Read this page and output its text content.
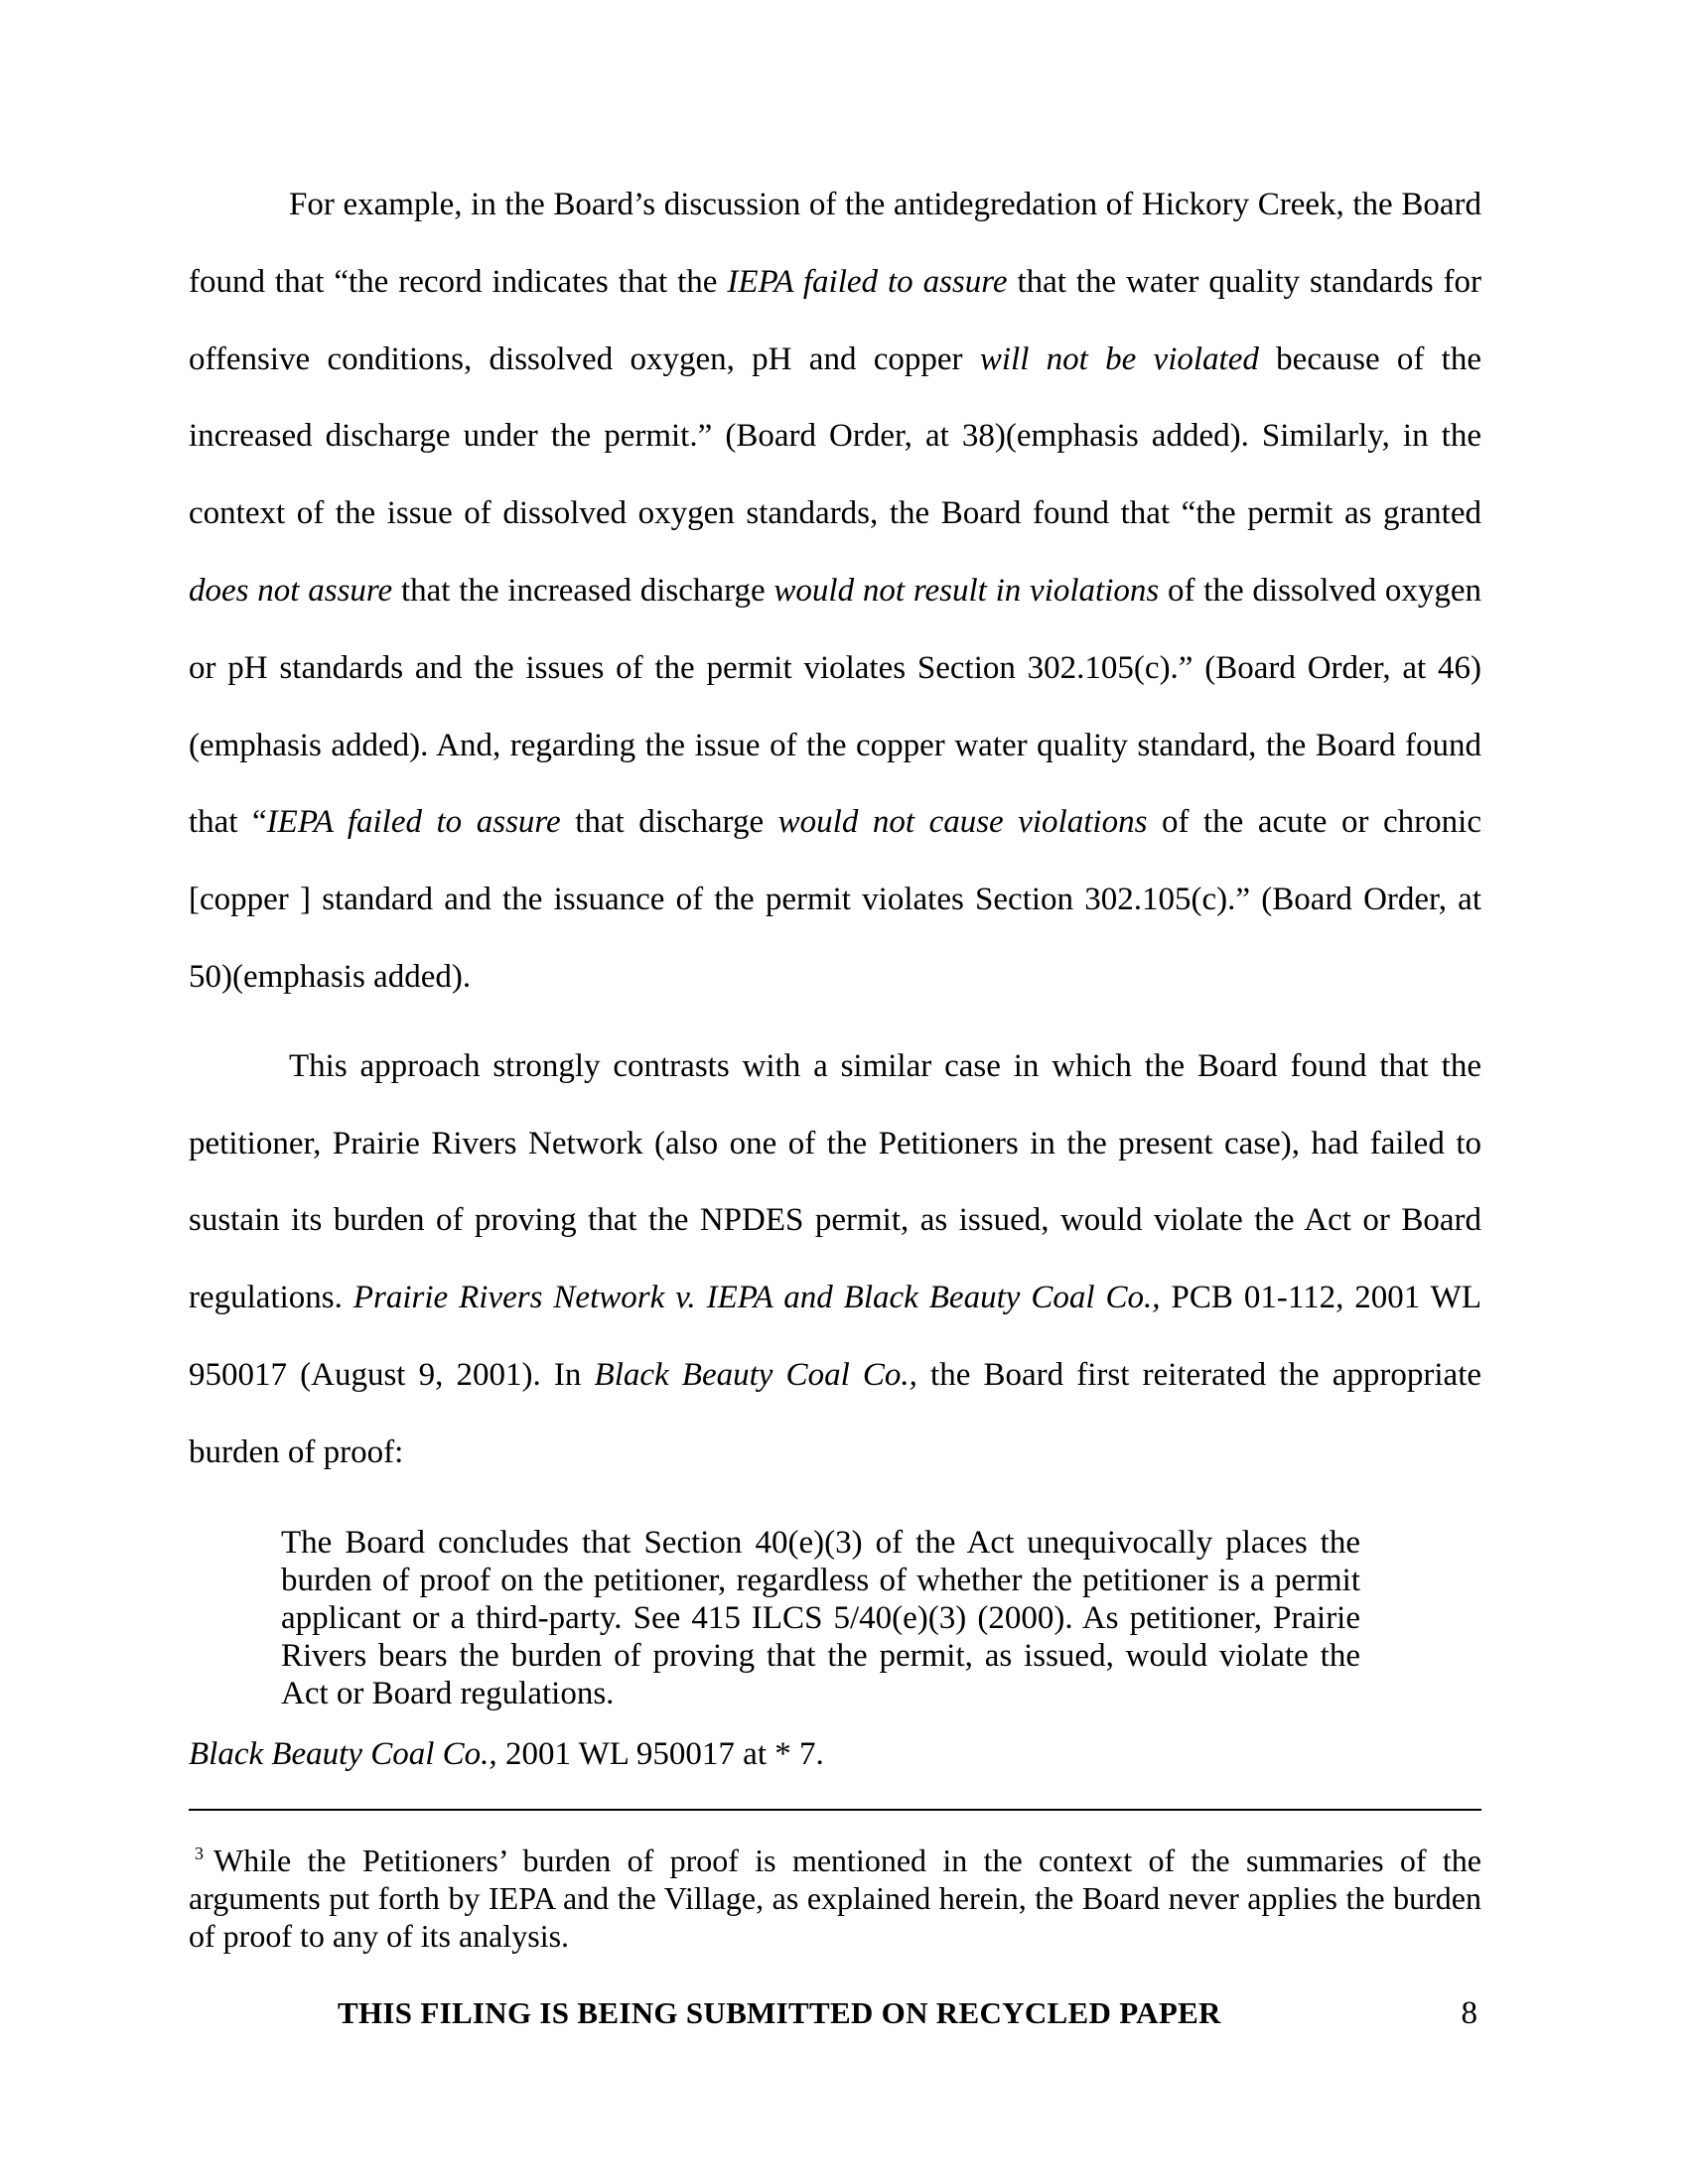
For example, in the Board’s discussion of the antidegredation of Hickory Creek, the Board found that “the record indicates that the IEPA failed to assure that the water quality standards for offensive conditions, dissolved oxygen, pH and copper will not be violated because of the increased discharge under the permit.” (Board Order, at 38)(emphasis added). Similarly, in the context of the issue of dissolved oxygen standards, the Board found that “the permit as granted does not assure that the increased discharge would not result in violations of the dissolved oxygen or pH standards and the issues of the permit violates Section 302.105(c).” (Board Order, at 46)(emphasis added). And, regarding the issue of the copper water quality standard, the Board found that “IEPA failed to assure that discharge would not cause violations of the acute or chronic [copper ] standard and the issuance of the permit violates Section 302.105(c).” (Board Order, at 50)(emphasis added).

This approach strongly contrasts with a similar case in which the Board found that the petitioner, Prairie Rivers Network (also one of the Petitioners in the present case), had failed to sustain its burden of proving that the NPDES permit, as issued, would violate the Act or Board regulations. Prairie Rivers Network v. IEPA and Black Beauty Coal Co., PCB 01-112, 2001 WL 950017 (August 9, 2001). In Black Beauty Coal Co., the Board first reiterated the appropriate burden of proof:

The Board concludes that Section 40(e)(3) of the Act unequivocally places the burden of proof on the petitioner, regardless of whether the petitioner is a permit applicant or a third-party. See 415 ILCS 5/40(e)(3) (2000). As petitioner, Prairie Rivers bears the burden of proving that the permit, as issued, would violate the Act or Board regulations.
Black Beauty Coal Co., 2001 WL 950017 at * 7.
$^3$ While the Petitioners’ burden of proof is mentioned in the context of the summaries of the arguments put forth by IEPA and the Village, as explained herein, the Board never applies the burden of proof to any of its analysis.
THIS FILING IS BEING SUBMITTED ON RECYCLED PAPER	8
